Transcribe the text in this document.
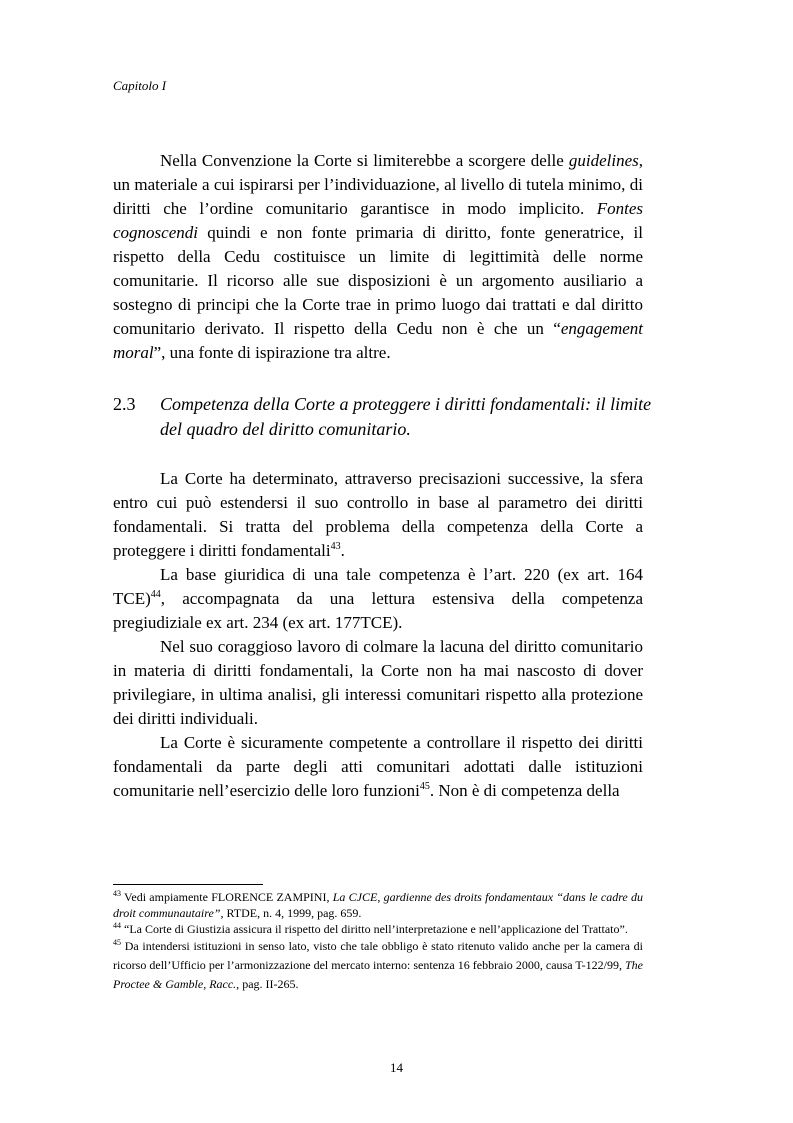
Capitolo I

Nella Convenzione la Corte si limiterebbe a scorgere delle guidelines, un materiale a cui ispirarsi per l’individuazione, al livello di tutela minimo, di diritti che l’ordine comunitario garantisce in modo implicito. Fontes cognoscendi quindi e non fonte primaria di diritto, fonte generatrice, il rispetto della Cedu costituisce un limite di legittimità delle norme comunitarie. Il ricorso alle sue disposizioni è un argomento ausiliario a sostegno di principi che la Corte trae in primo luogo dai trattati e dal diritto comunitario derivato. Il rispetto della Cedu non è che un “engagement moral”, una fonte di ispirazione tra altre.

2.3 Competenza della Corte a proteggere i diritti fondamentali: il limite del quadro del diritto comunitario.

La Corte ha determinato, attraverso precisazioni successive, la sfera entro cui può estendersi il suo controllo in base al parametro dei diritti fondamentali. Si tratta del problema della competenza della Corte a proteggere i diritti fondamentali$^{43}$.

La base giuridica di una tale competenza è l’art. 220 (ex art. 164 TCE)$^{44}$, accompagnata da una lettura estensiva della competenza pregiudiziale ex art. 234 (ex art. 177TCE).

Nel suo coraggioso lavoro di colmare la lacuna del diritto comunitario in materia di diritti fondamentali, la Corte non ha mai nascosto di dover privilegiare, in ultima analisi, gli interessi comunitari rispetto alla protezione dei diritti individuali.

La Corte è sicuramente competente a controllare il rispetto dei diritti fondamentali da parte degli atti comunitari adottati dalle istituzioni comunitarie nell’esercizio delle loro funzioni$^{45}$. Non è di competenza della

$^{43}$ Vedi ampiamente FLORENCE ZAMPINI, La CJCE, gardienne des droits fondamentaux “dans le cadre du droit communautaire”, RTDE, n. 4, 1999, pag. 659.

$^{44}$ “La Corte di Giustizia assicura il rispetto del diritto nell’interpretazione e nell’applicazione del Trattato”.

$^{45}$ Da intendersi istituzioni in senso lato, visto che tale obbligo è stato ritenuto valido anche per la camera di ricorso dell’Ufficio per l’armonizzazione del mercato interno: sentenza 16 febbraio 2000, causa T-122/99, The Proctee & Gamble, Racc., pag. II-265.

14
